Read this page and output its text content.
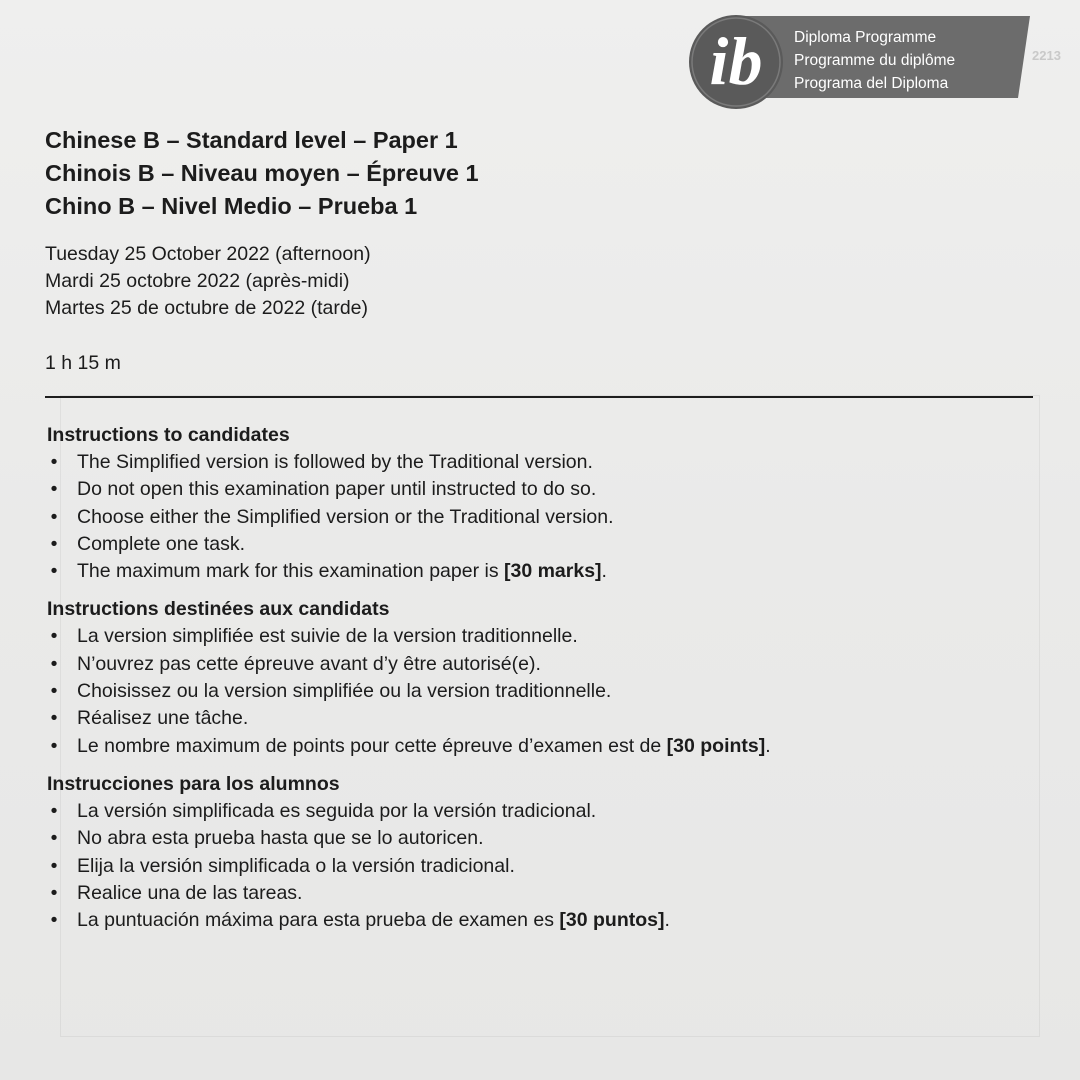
ib Diploma Programme
Programme du diplôme
Programa del Diploma
2213
Chinese B – Standard level – Paper 1
Chinois B – Niveau moyen – Épreuve 1
Chino B – Nivel Medio – Prueba 1
Tuesday 25 October 2022 (afternoon)
Mardi 25 octobre 2022 (après-midi)
Martes 25 de octubre de 2022 (tarde)
1 h 15 m
Instructions to candidates
• The Simplified version is followed by the Traditional version.
• Do not open this examination paper until instructed to do so.
• Choose either the Simplified version or the Traditional version.
• Complete one task.
• The maximum mark for this examination paper is [30 marks].
Instructions destinées aux candidats
• La version simplifiée est suivie de la version traditionnelle.
• N’ouvrez pas cette épreuve avant d’y être autorisé(e).
• Choisissez ou la version simplifiée ou la version traditionnelle.
• Réalisez une tâche.
• Le nombre maximum de points pour cette épreuve d’examen est de [30 points].
Instrucciones para los alumnos
• La versión simplificada es seguida por la versión tradicional.
• No abra esta prueba hasta que se lo autoricen.
• Elija la versión simplificada o la versión tradicional.
• Realice una de las tareas.
• La puntuación máxima para esta prueba de examen es [30 puntos].
